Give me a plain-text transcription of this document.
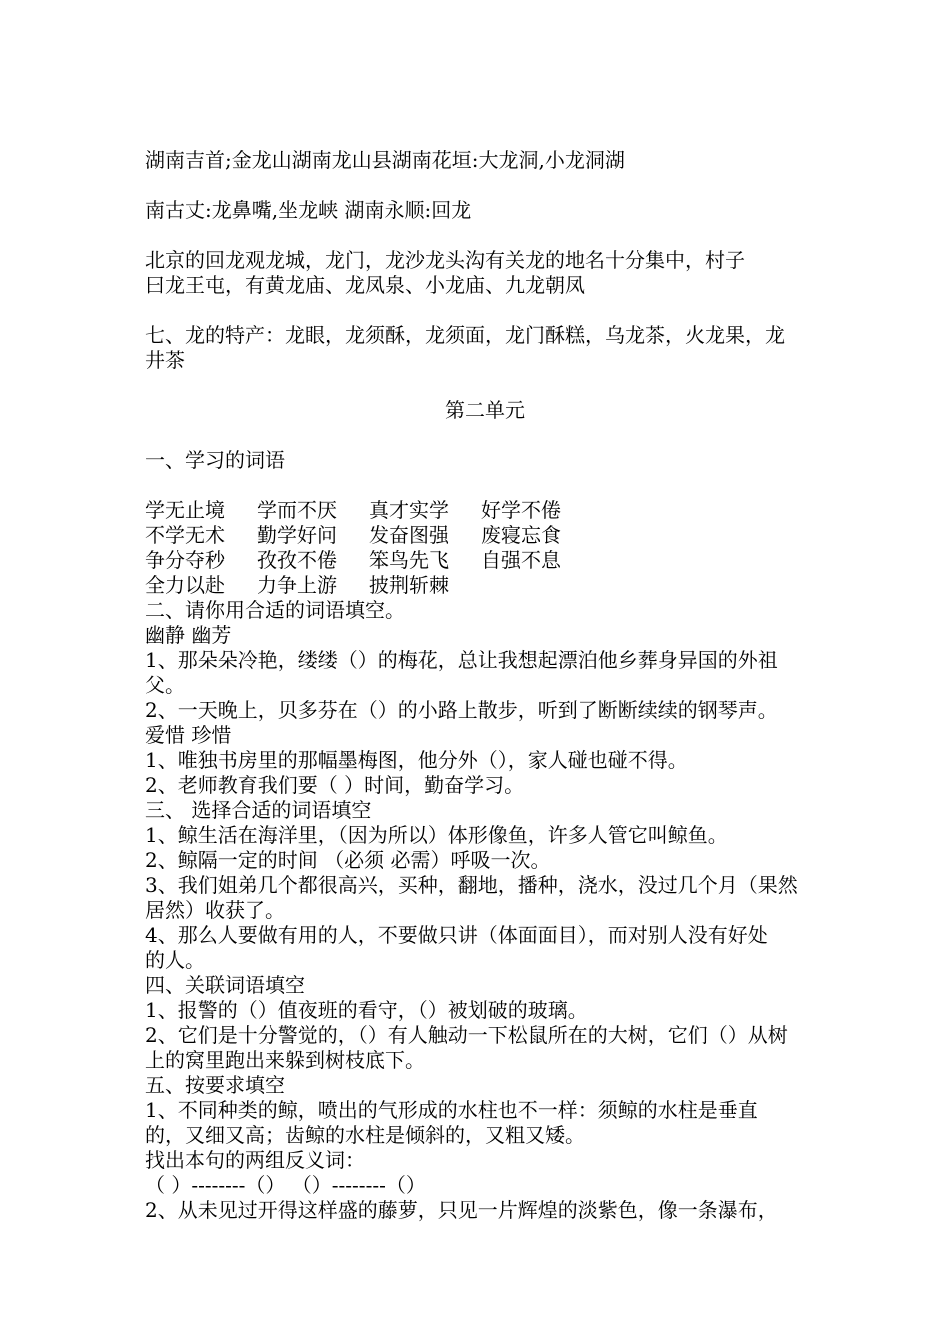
湖南吉首;金龙山湖南龙山县湖南花垣:大龙洞,小龙洞湖
南古丈:龙鼻嘴,坐龙峡 湖南永顺:回龙
北京的回龙观龙城，龙门，龙沙龙头沟有关龙的地名十分集中，村子
曰龙王屯，有黄龙庙、龙凤泉、小龙庙、九龙朝凤
七、龙的特产：龙眼，龙须酥，龙须面，龙门酥糕，乌龙茶，火龙果，龙
井茶
第二单元
一、学习的词语
学无止境 学而不厌 真才实学 好学不倦
不学无术 勤学好问 发奋图强 废寝忘食
争分夺秒 孜孜不倦 笨鸟先飞 自强不息
全力以赴 力争上游 披荆斩棘
二、请你用合适的词语填空。
幽静 幽芳
1、那朵朵冷艳，缕缕（）的梅花，总让我想起漂泊他乡葬身异国的外祖
父。
2、一天晚上，贝多芬在（）的小路上散步，听到了断断续续的钢琴声。
爱惜 珍惜
1、唯独书房里的那幅墨梅图，他分外（），家人碰也碰不得。
2、老师教育我们要（ ）时间，勤奋学习。
三、 选择合适的词语填空
1、鲸生活在海洋里，（因为所以）体形像鱼，许多人管它叫鲸鱼。
2、鲸隔一定的时间 （必须 必需）呼吸一次。
3、我们姐弟几个都很高兴，买种，翻地，播种，浇水，没过几个月（果然
居然）收获了。
4、那么人要做有用的人，不要做只讲（体面面目），而对别人没有好处
的人。
四、关联词语填空
1、报警的（）值夜班的看守，（）被划破的玻璃。
2、它们是十分警觉的，（）有人触动一下松鼠所在的大树，它们（）从树
上的窝里跑出来躲到树枝底下。
五、按要求填空
1、不同种类的鲸，喷出的气形成的水柱也不一样：须鲸的水柱是垂直
的，又细又高；齿鲸的水柱是倾斜的，又粗又矮。
找出本句的两组反义词：
（ ）--------（） （）--------（）
2、从未见过开得这样盛的藤萝，只见一片辉煌的淡紫色，像一条瀑布，
